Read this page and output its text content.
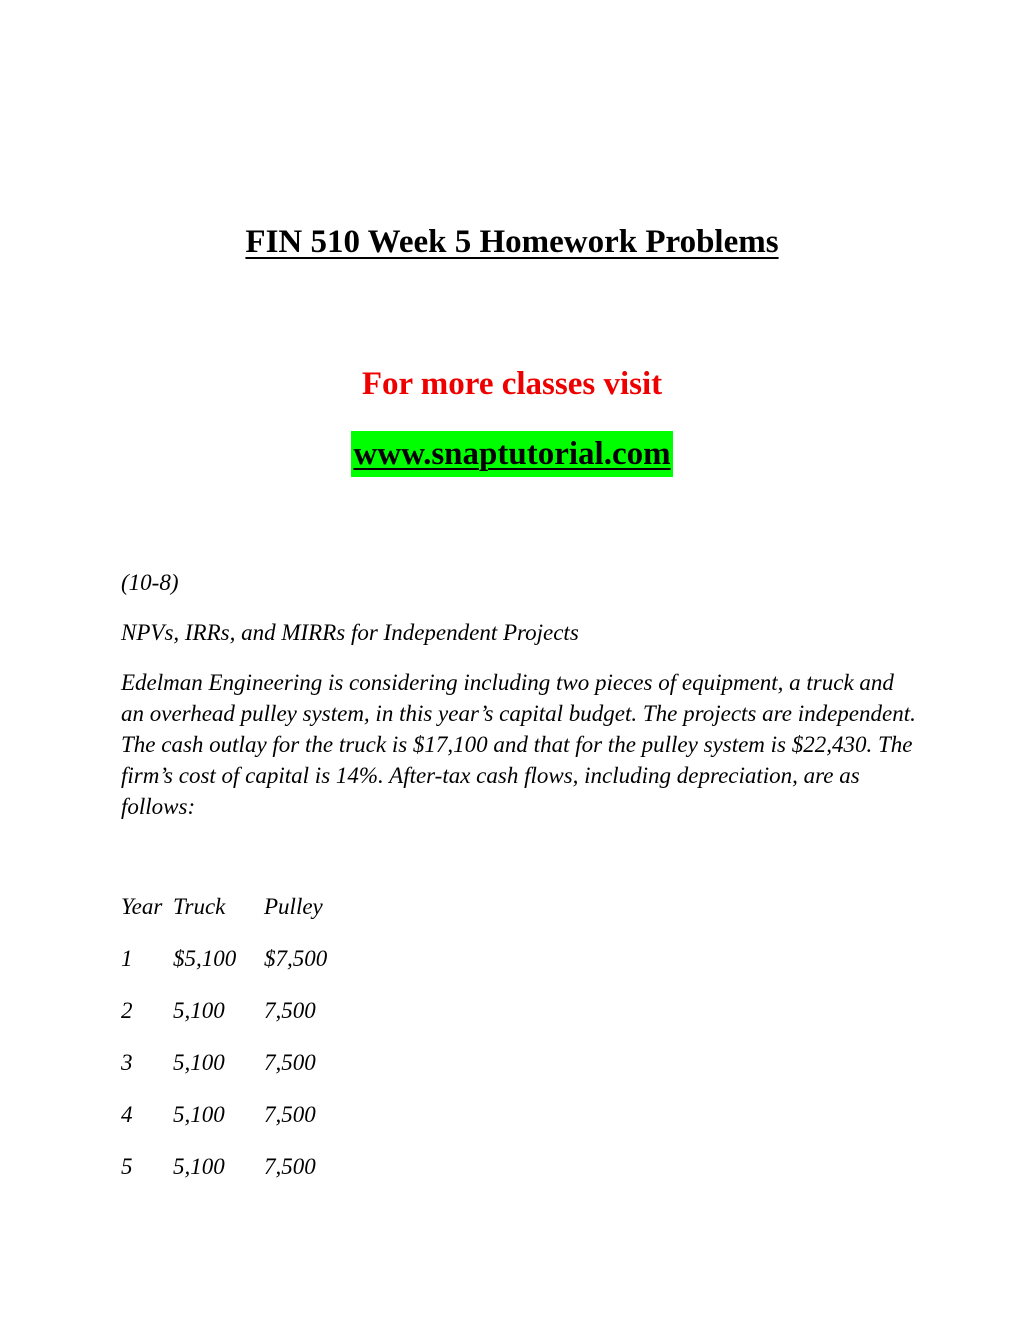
FIN 510 Week 5 Homework Problems
For more classes visit
www.snaptutorial.com
(10-8)
NPVs, IRRs, and MIRRs for Independent Projects

Edelman Engineering is considering including two pieces of equipment, a truck and an overhead pulley system, in this year’s capital budget. The projects are independent. The cash outlay for the truck is $17,100 and that for the pulley system is $22,430. The firm’s cost of capital is 14%. After-tax cash flows, including depreciation, are as follows:

Year	Truck	Pulley
1	$5,100	$7,500
2	5,100	7,500
3	5,100	7,500
4	5,100	7,500
5	5,100	7,500
